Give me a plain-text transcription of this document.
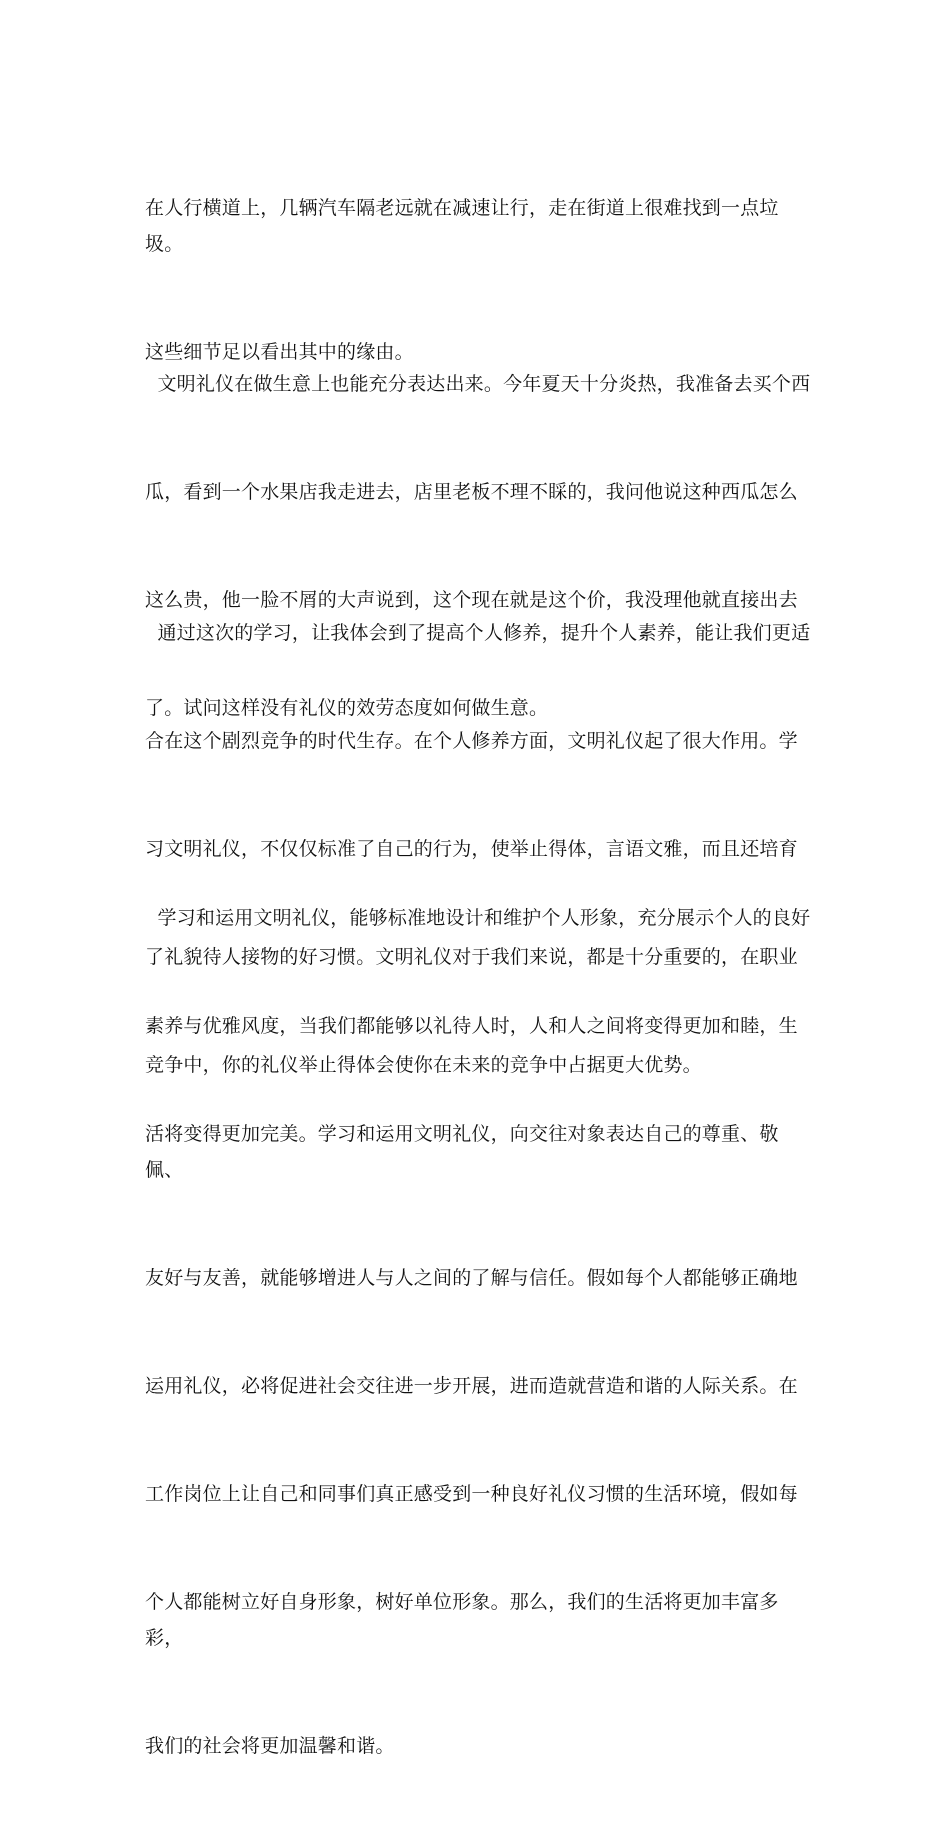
在人行横道上，几辆汽车隔老远就在减速让行，走在街道上很难找到一点垃圾。

这些细节足以看出其中的缘由。

文明礼仪在做生意上也能充分表达出来。今年夏天十分炎热，我准备去买个西

瓜，看到一个水果店我走进去，店里老板不理不睬的，我问他说这种西瓜怎么

这么贵，他一脸不屑的大声说到，这个现在就是这个价，我没理他就直接出去

了。试问这样没有礼仪的效劳态度如何做生意。

通过这次的学习，让我体会到了提高个人修养，提升个人素养，能让我们更适

合在这个剧烈竞争的时代生存。在个人修养方面，文明礼仪起了很大作用。学

习文明礼仪，不仅仅标准了自己的行为，使举止得体，言语文雅，而且还培育

了礼貌待人接物的好习惯。文明礼仪对于我们来说，都是十分重要的，在职业

竞争中，你的礼仪举止得体会使你在未来的竞争中占据更大优势。

学习和运用文明礼仪，能够标准地设计和维护个人形象，充分展示个人的良好

素养与优雅风度，当我们都能够以礼待人时，人和人之间将变得更加和睦，生

活将变得更加完美。学习和运用文明礼仪，向交往对象表达自己的尊重、敬佩、

友好与友善，就能够增进人与人之间的了解与信任。假如每个人都能够正确地

运用礼仪，必将促进社会交往进一步开展，进而造就营造和谐的人际关系。在

工作岗位上让自己和同事们真正感受到一种良好礼仪习惯的生活环境，假如每

个人都能树立好自身形象，树好单位形象。那么，我们的生活将更加丰富多彩，

我们的社会将更加温馨和谐。
